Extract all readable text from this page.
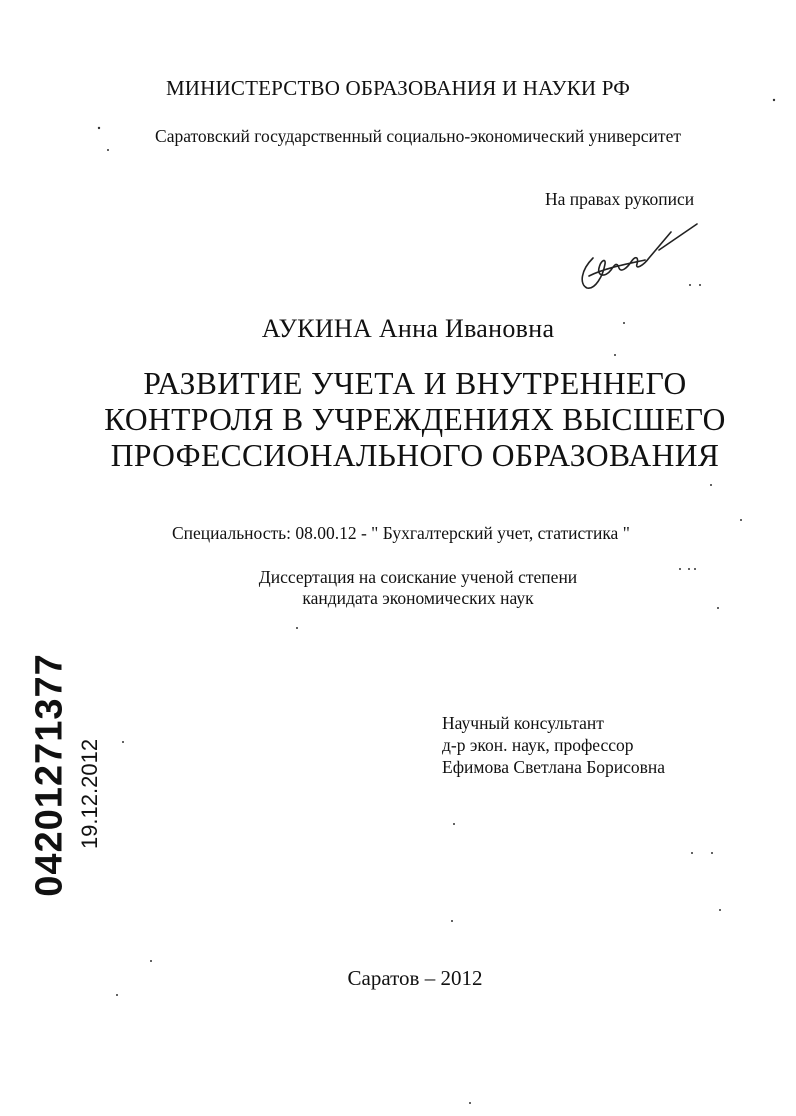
МИНИСТЕРСТВО ОБРАЗОВАНИЯ И НАУКИ РФ
Саратовский государственный социально-экономический университет
На правах рукописи
АУКИНА Анна Ивановна
РАЗВИТИЕ УЧЕТА И ВНУТРЕННЕГО
КОНТРОЛЯ В УЧРЕЖДЕНИЯХ ВЫСШЕГО
ПРОФЕССИОНАЛЬНОГО ОБРАЗОВАНИЯ
Специальность: 08.00.12 - " Бухгалтерский учет, статистика "
Диссертация на соискание ученой степени
кандидата экономических наук
Научный консультант
д-р экон. наук, профессор
Ефимова Светлана Борисовна
Саратов – 2012
04201271377 19.12.2012
